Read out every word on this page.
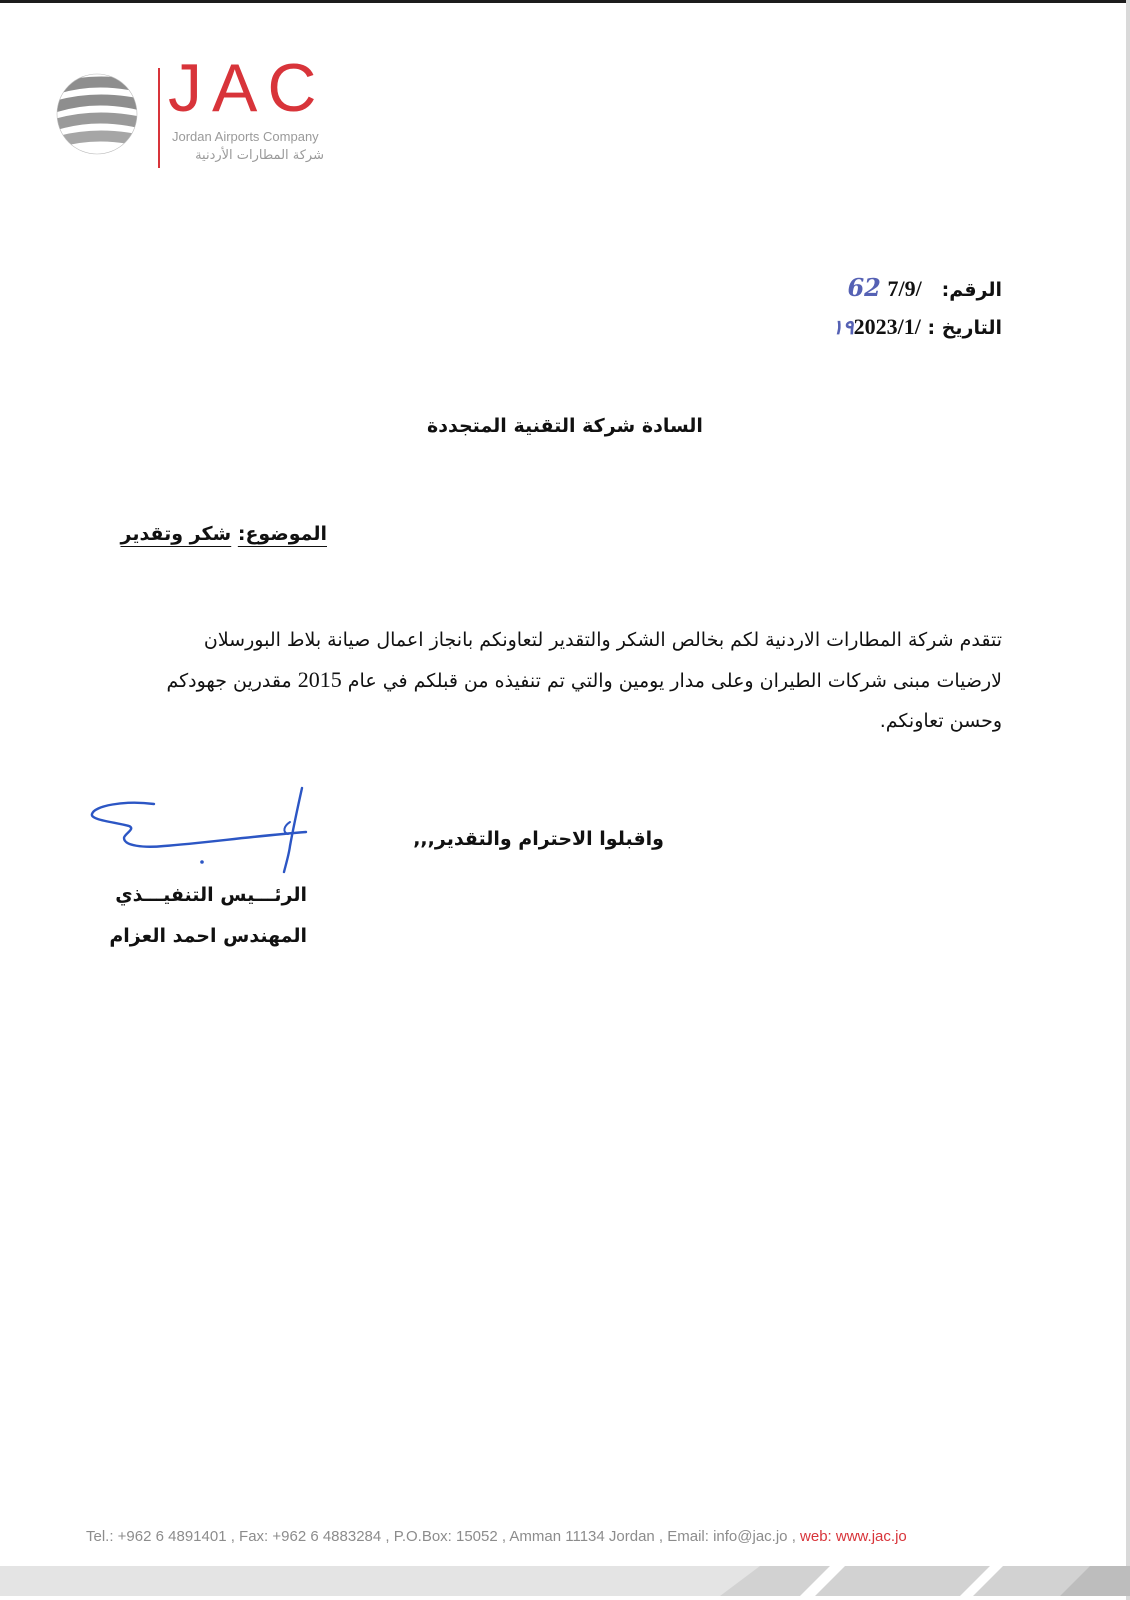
JAC
Jordan Airports Company
شركة المطارات الأردنية
الرقم:   62 7/9/
التاريخ : ١٩2023/1/
السادة شركة التقنية المتجددة
الموضوع: شكر وتقدير
تتقدم شركة المطارات الاردنية لكم بخالص الشكر والتقدير لتعاونكم بانجاز اعمال صيانة بلاط البورسلان
لارضيات مبنى شركات الطيران وعلى مدار يومين والتي تم تنفيذه من قبلكم في عام 2015 مقدرين جهودكم
وحسن تعاونكم.
واقبلوا الاحترام والتقدير,,,
الرئـــيس التنفيـــذي
المهندس احمد العزام
Tel.: +962 6 4891401 , Fax: +962 6 4883284 , P.O.Box: 15052 , Amman 11134 Jordan , Email: info@jac.jo , web: www.jac.jo
